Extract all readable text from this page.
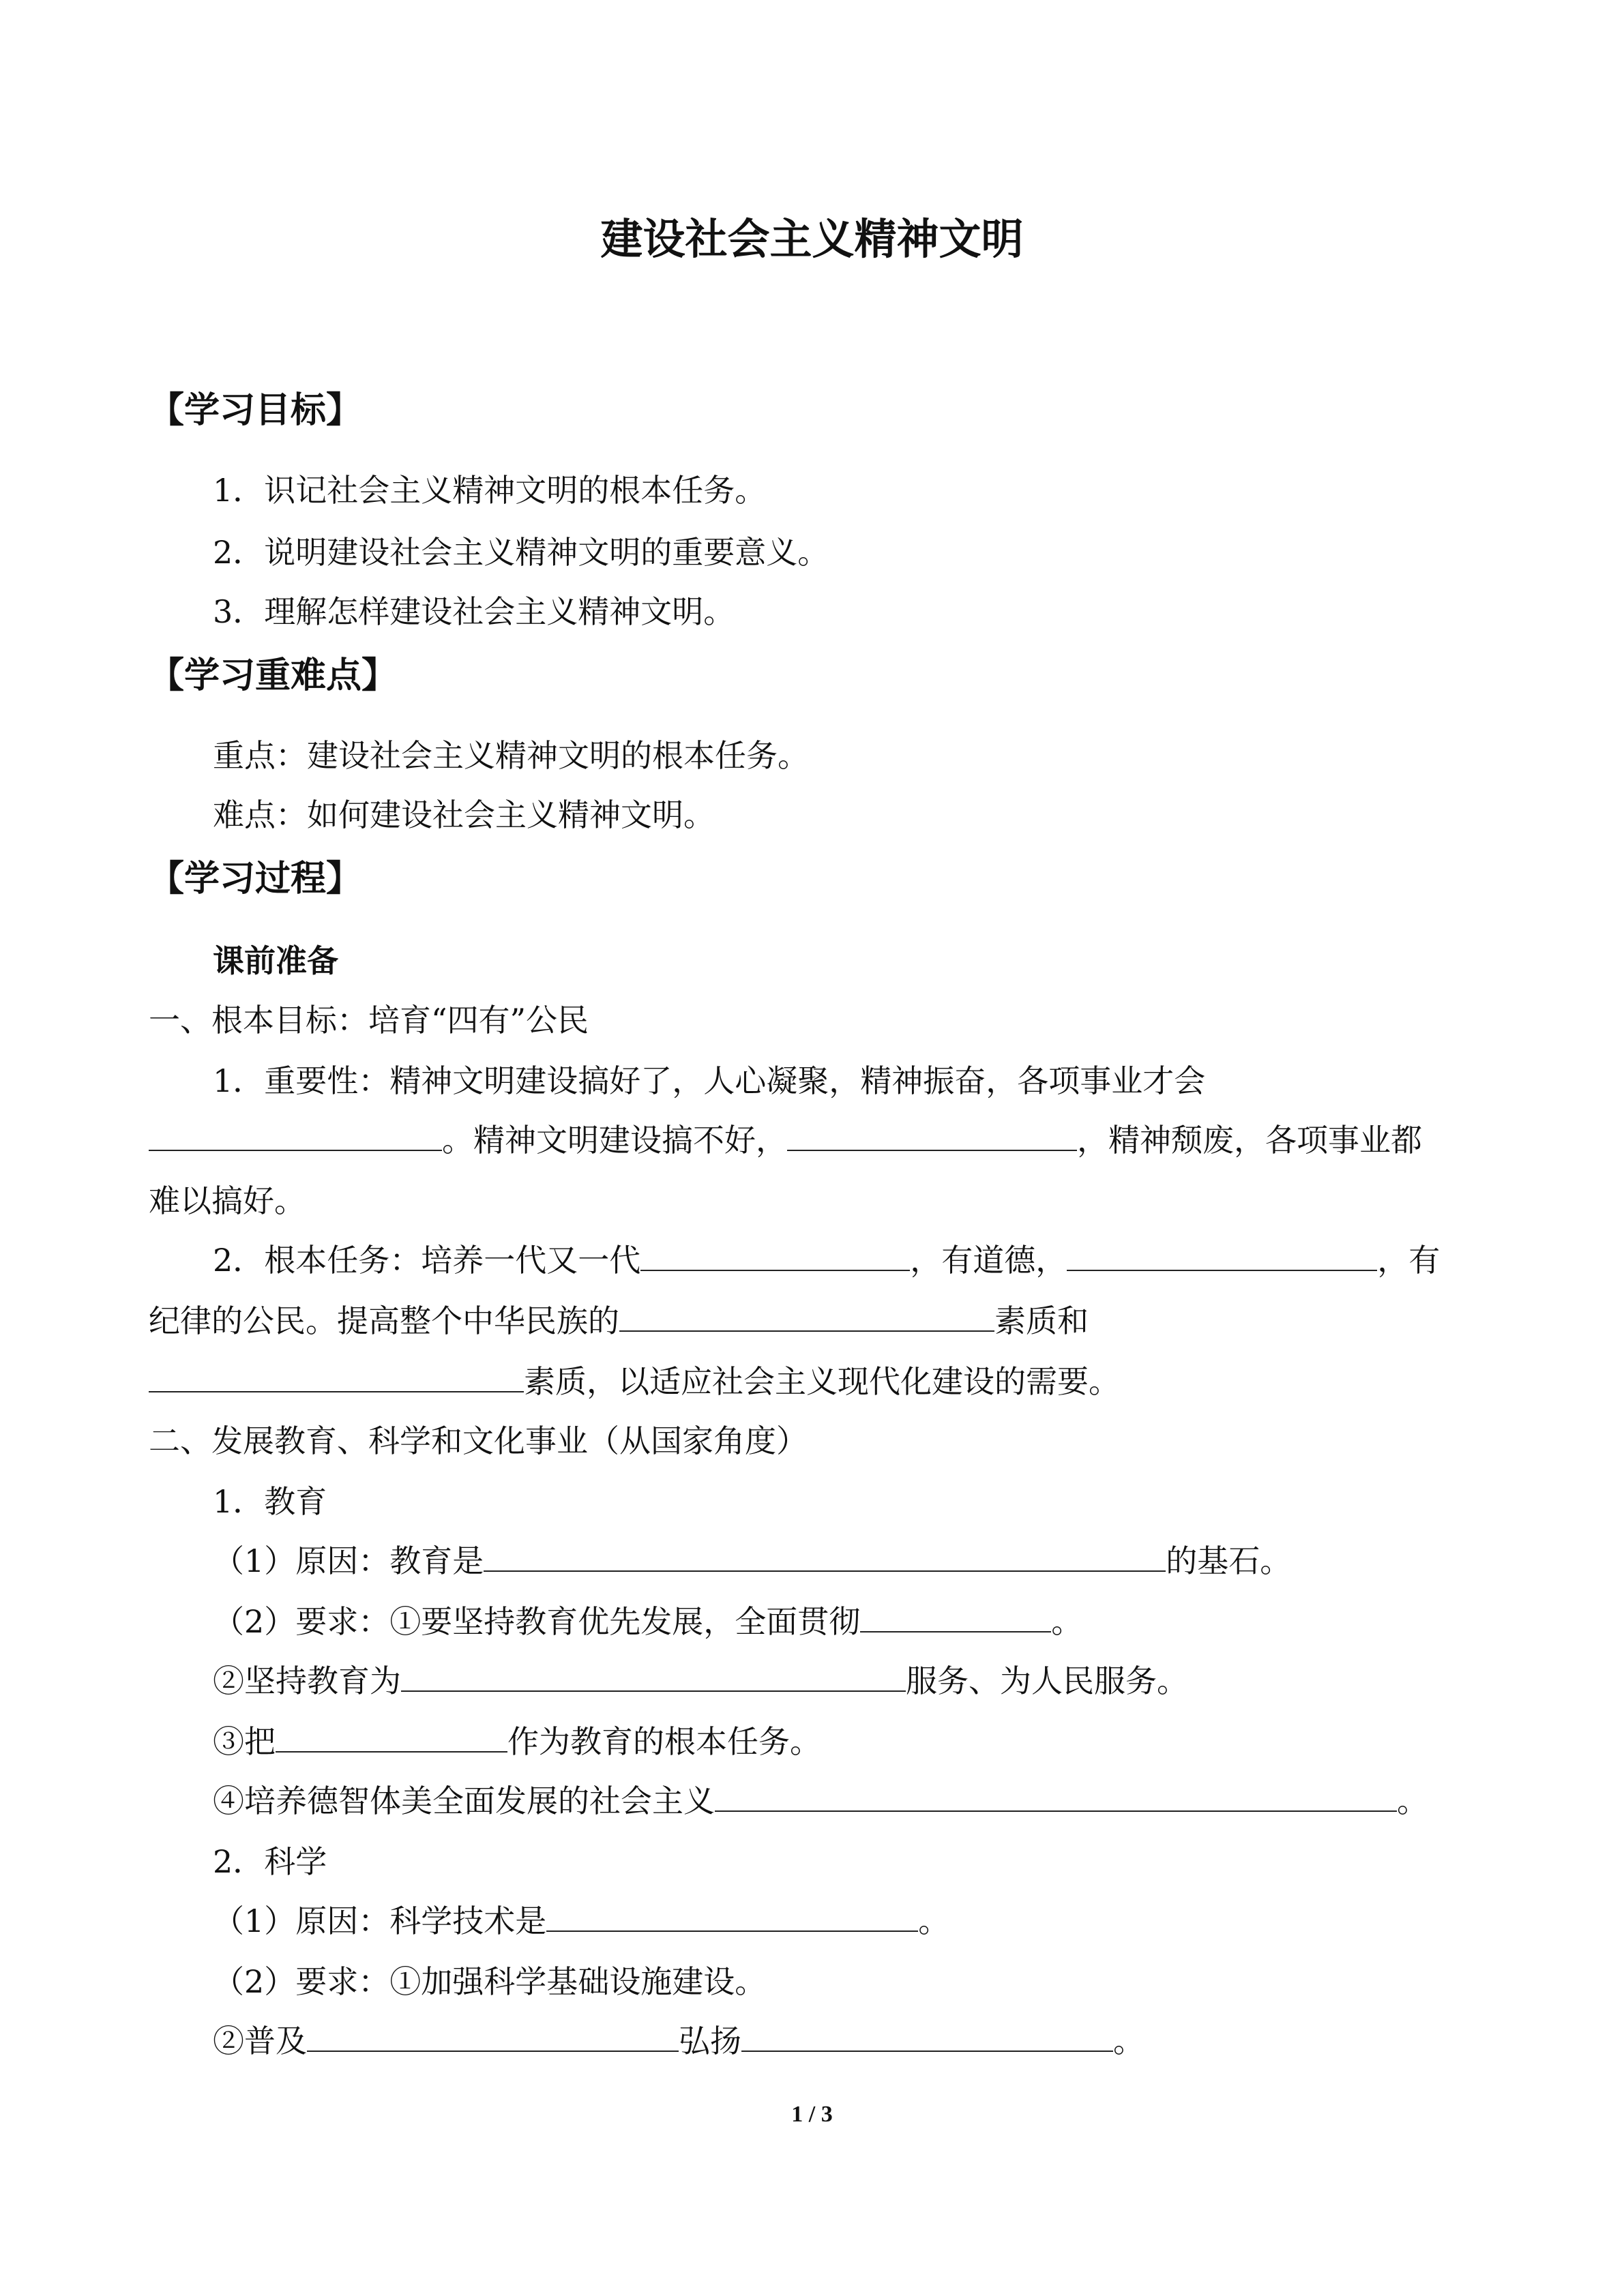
建设社会主义精神文明
【学习目标】
1．识记社会主义精神文明的根本任务。
2．说明建设社会主义精神文明的重要意义。
3．理解怎样建设社会主义精神文明。
【学习重难点】
重点：建设社会主义精神文明的根本任务。
难点：如何建设社会主义精神文明。
【学习过程】
课前准备
一、根本目标：培育“四有”公民
1．重要性：精神文明建设搞好了，人心凝聚，精神振奋，各项事业才会
。精神文明建设搞不好，	，精神颓废，各项事业都
难以搞好。
2．根本任务：培养一代又一代	，有道德，	，有
纪律的公民。提高整个中华民族的	素质和
素质，以适应社会主义现代化建设的需要。
二、发展教育、科学和文化事业（从国家角度）
1．教育
（1）原因：教育是	的基石。
（2）要求：①要坚持教育优先发展，全面贯彻	。
②坚持教育为	服务、为人民服务。
③把	作为教育的根本任务。
④培养德智体美全面发展的社会主义	。
2．科学
（1）原因：科学技术是	。
（2）要求：①加强科学基础设施建设。
②普及	弘扬	。
1 / 3
